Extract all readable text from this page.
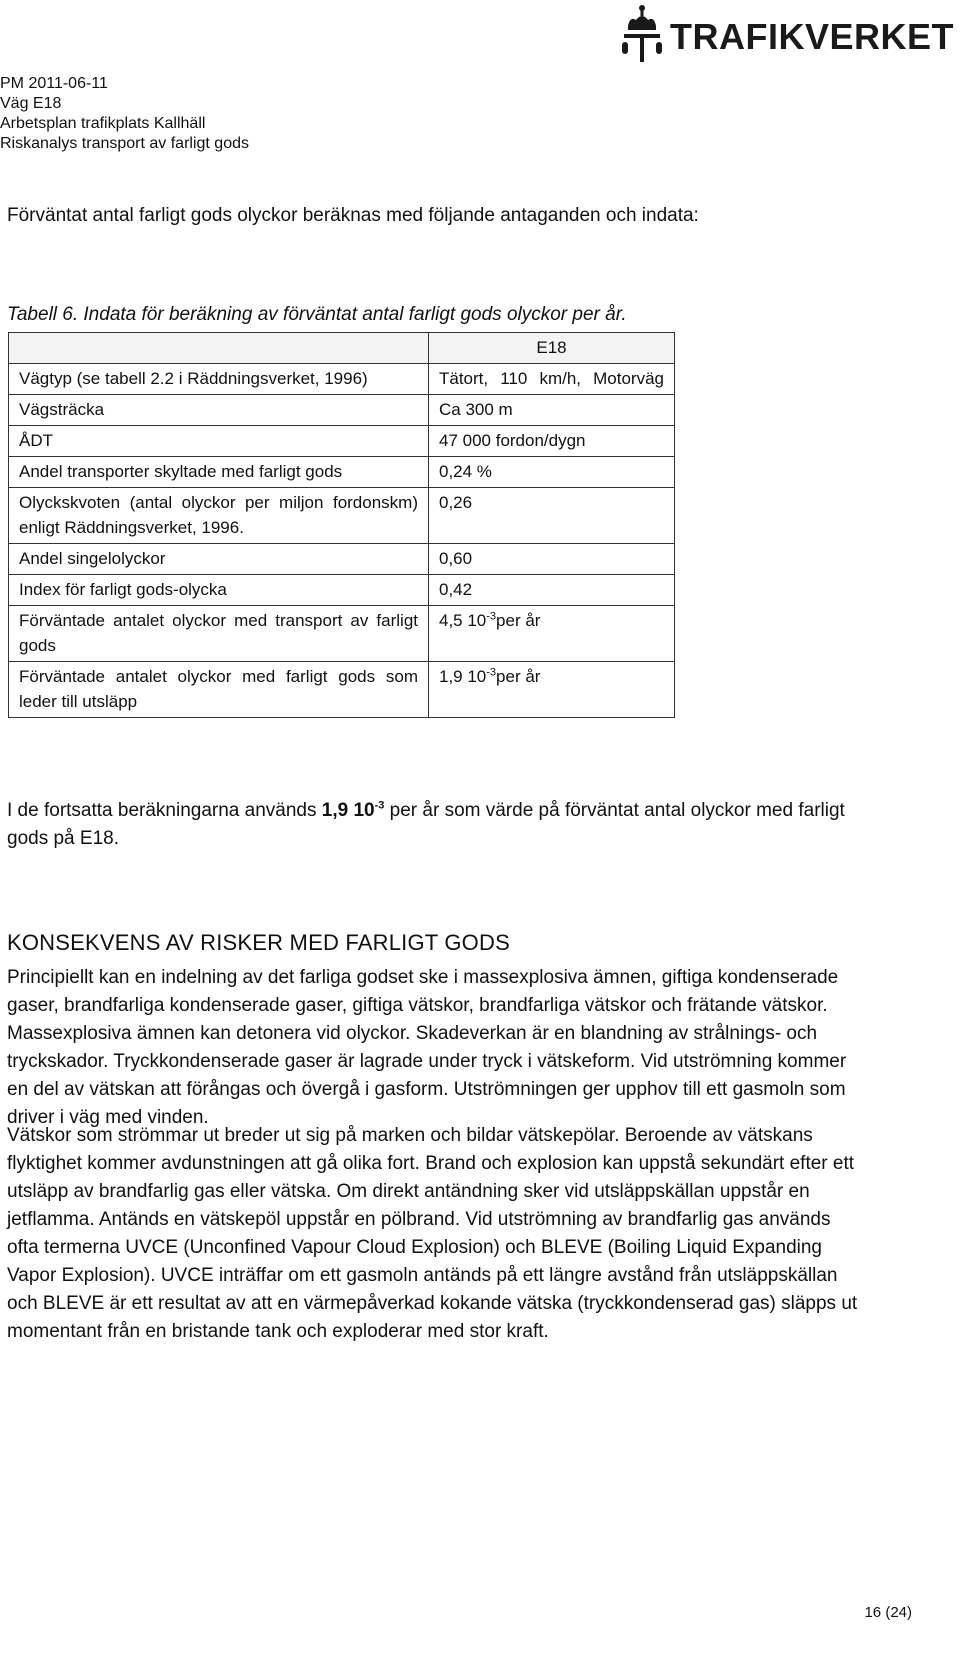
TRAFIKVERKET
PM 2011-06-11
Väg E18
Arbetsplan trafikplats Kallhäll
Riskanalys transport av farligt gods
Förväntat antal farligt gods olyckor beräknas med följande antaganden och indata:
Tabell 6. Indata för beräkning av förväntat antal farligt gods olyckor per år.
	E18
Vägtyp (se tabell 2.2 i Räddningsverket, 1996)	Tätort, 110 km/h, Motorväg
Vägsträcka	Ca 300 m
ÅDT	47 000 fordon/dygn
Andel transporter skyltade med farligt gods	0,24 %
Olyckskvoten (antal olyckor per miljon fordonskm) enligt Räddningsverket, 1996.	0,26
Andel singelolyckor	0,60
Index för farligt gods-olycka	0,42
Förväntade antalet olyckor med transport av farligt gods	4,5 $10^{-3}per$ år
Förväntade antalet olyckor med farligt gods som leder till utsläpp	1,9 $10^{-3}per$ år
I de fortsatta beräkningarna används 1,9 $10^{-3}$ per år som värde på förväntat antal olyckor med farligt gods på E18.
KONSEKVENS AV RISKER MED FARLIGT GODS
Principiellt kan en indelning av det farliga godset ske i massexplosiva ämnen, giftiga kondenserade gaser, brandfarliga kondenserade gaser, giftiga vätskor, brandfarliga vätskor och frätande vätskor. Massexplosiva ämnen kan detonera vid olyckor. Skadeverkan är en blandning av strålnings- och tryckskador. Tryckkondenserade gaser är lagrade under tryck i vätskeform. Vid utströmning kommer en del av vätskan att förångas och övergå i gasform. Utströmningen ger upphov till ett gasmoln som driver i väg med vinden.
Vätskor som strömmar ut breder ut sig på marken och bildar vätskepölar. Beroende av vätskans flyktighet kommer avdunstningen att gå olika fort. Brand och explosion kan uppstå sekundärt efter ett utsläpp av brandfarlig gas eller vätska. Om direkt antändning sker vid utsläppskällan uppstår en jetflamma. Antänds en vätskepöl uppstår en pölbrand. Vid utströmning av brandfarlig gas används ofta termerna UVCE (Unconfined Vapour Cloud Explosion) och BLEVE (Boiling Liquid Expanding Vapor Explosion). UVCE inträffar om ett gasmoln antänds på ett längre avstånd från utsläppskällan och BLEVE är ett resultat av att en värmepåverkad kokande vätska (tryckkondenserad gas) släpps ut momentant från en bristande tank och exploderar med stor kraft.
16 (24)
